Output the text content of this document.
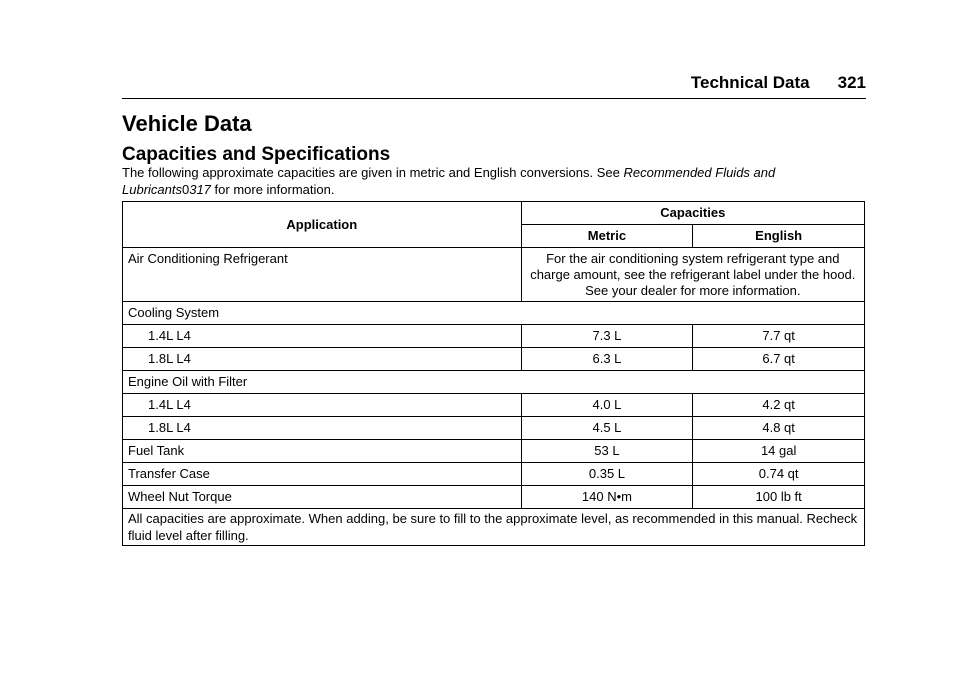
Technical Data 321
Vehicle Data
Capacities and Specifications
The following approximate capacities are given in metric and English conversions. See Recommended Fluids and Lubricants0317 for more information.
Application	Capacities	
	Metric	English
Air Conditioning Refrigerant	For the air conditioning system refrigerant type and charge amount, see the refrigerant label under the hood. See your dealer for more information.	
Cooling System		
1.4L L4	7.3 L	7.7 qt
1.8L L4	6.3 L	6.7 qt
Engine Oil with Filter		
1.4L L4	4.0 L	4.2 qt
1.8L L4	4.5 L	4.8 qt
Fuel Tank	53 L	14 gal
Transfer Case	0.35 L	0.74 qt
Wheel Nut Torque	140 N•m	100 lb ft
All capacities are approximate. When adding, be sure to fill to the approximate level, as recommended in this manual. Recheck fluid level after filling.		
